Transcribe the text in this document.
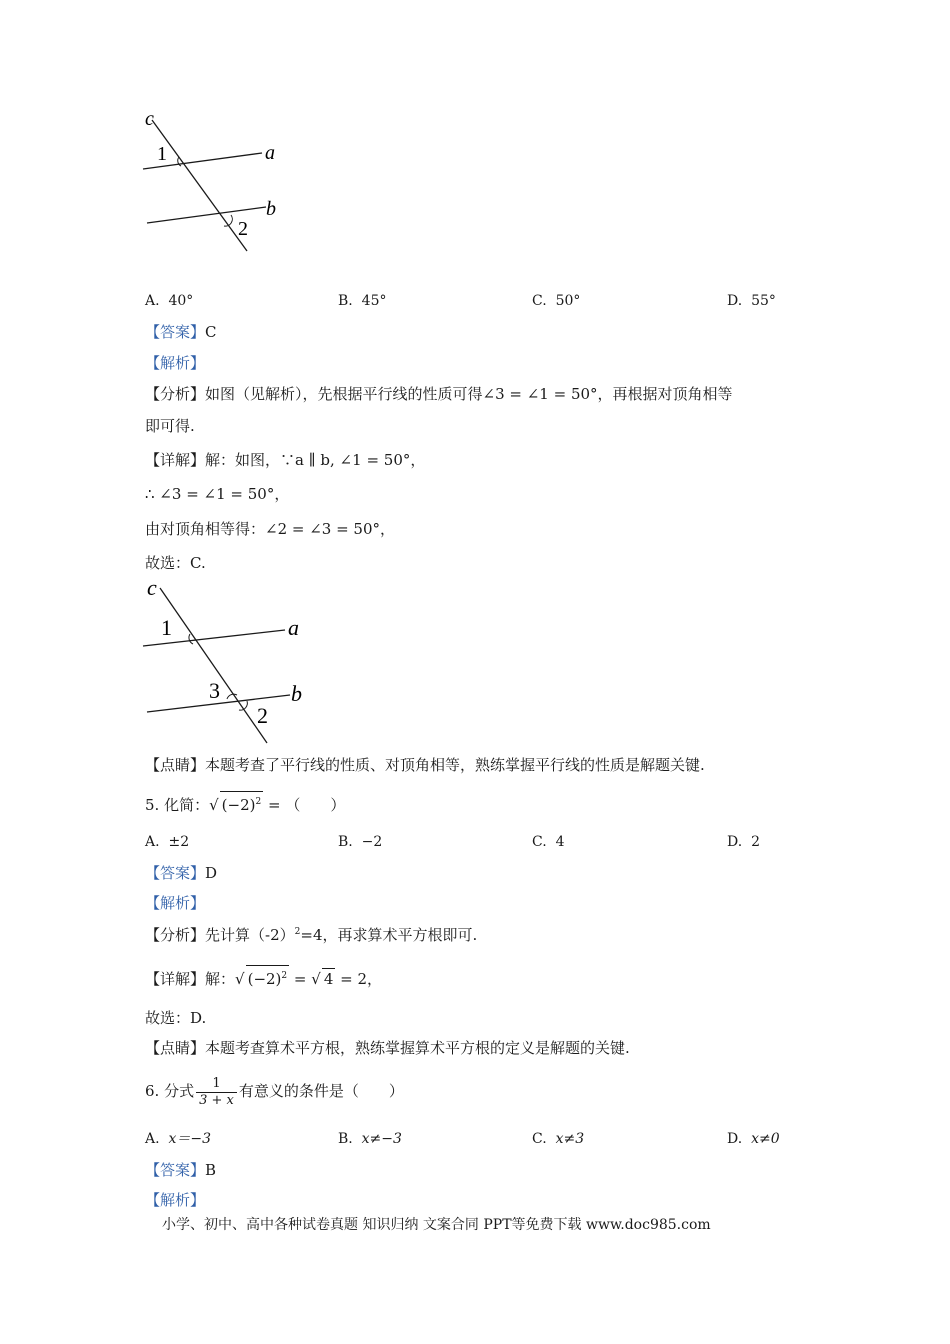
c
1	a
b
2
A. 40°	B. 45°	C. 50°	D. 55°
【答案】C
【解析】
【分析】如图（见解析），先根据平行线的性质可得∠3 = ∠1 = 50°，再根据对顶角相等
即可得.
【详解】解：如图，∵a ∥ b, ∠1 = 50°，
∴ ∠3 = ∠1 = 50°，
由对顶角相等得：∠2 = ∠3 = 50°，
故选：C.
c
1	a
3	b
2
【点睛】本题考查了平行线的性质、对顶角相等，熟练掌握平行线的性质是解题关键.
5. 化简：√ $(-2)^2$ = （　　）
A. ±2	B. −2	C. 4	D. 2
【答案】D
【解析】
【分析】先计算$(-2)^2=4$，再求算术平方根即可.
【详解】解：√ $(-2)^2$ = √ 4 = 2，
故选：D.
【点睛】本题考查算术平方根，熟练掌握算术平方根的定义是解题的关键.
6. 分式 $\frac{1}{3 + x}$ 有意义的条件是（　　）
A. x＝−3	B. x≠−3	C. x≠3	D. x≠0
【答案】B
【解析】
小学、初中、高中各种试卷真题 知识归纳 文案合同 PPT等免费下载 www.doc985.com
